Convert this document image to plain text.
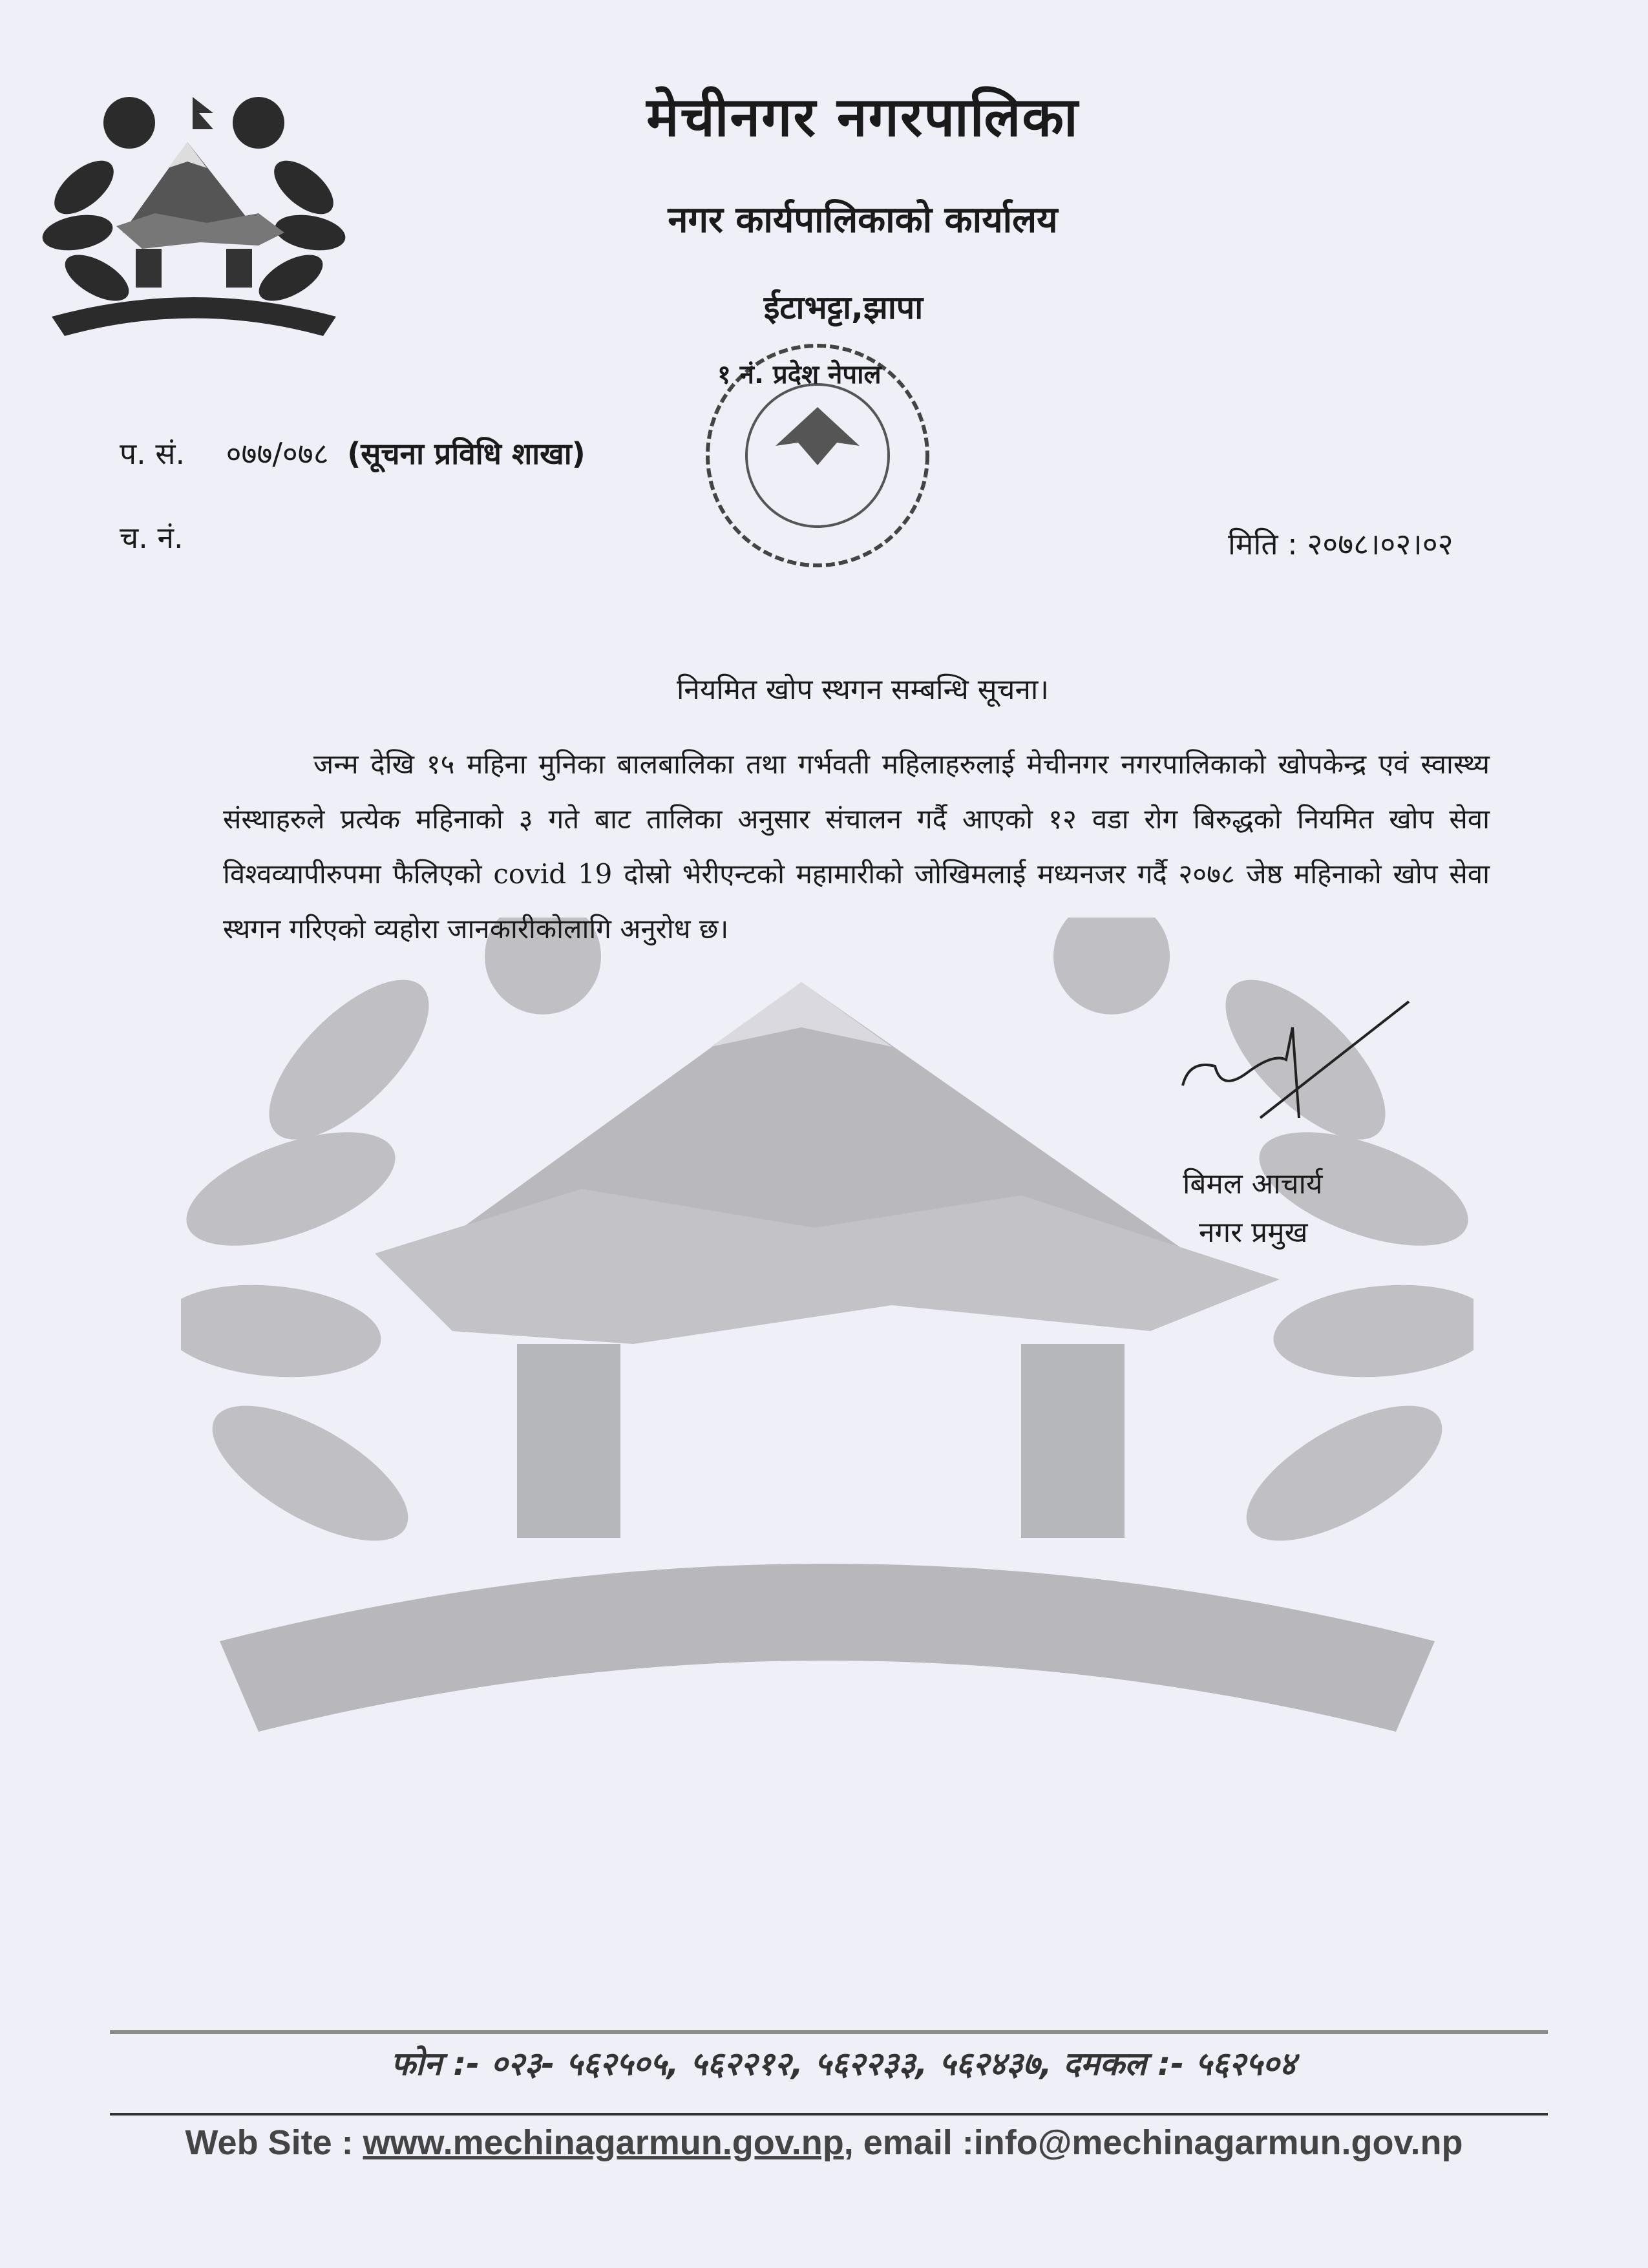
मेचीनगर नगरपालिका
नगर कार्यपालिकाको कार्यालय
ईटाभट्टा,झापा
१ नं. प्रदेश नेपाल
प. सं. ०७७/०७८ (सूचना प्रविधि शाखा)
च. नं.	मिति : २०७८।०२।०२
नियमित खोप स्थगन सम्बन्धि सूचना।
जन्म देखि १५ महिना मुनिका बालबालिका तथा गर्भवती महिलाहरुलाई मेचीनगर नगरपालिकाको खोपकेन्द्र एवं स्वास्थ्य संस्थाहरुले प्रत्येक महिनाको ३ गते बाट तालिका अनुसार संचालन गर्दै आएको १२ वडा रोग बिरुद्धको नियमित खोप सेवा विश्वव्यापीरुपमा फैलिएको covid 19 दोस्रो भेरीएन्टको महामारीको जोखिमलाई मध्यनजर गर्दै २०७८ जेष्ठ महिनाको खोप सेवा स्थगन गरिएको व्यहोरा जानकारीकोलागि अनुरोध छ।
बिमल आचार्य
नगर प्रमुख
फोन :- ०२३- ५६२५०५, ५६२२१२, ५६२२३३, ५६२४३७, दमकल :- ५६२५०४
Web Site : www.mechinagarmun.gov.np, email :info@mechinagarmun.gov.np
